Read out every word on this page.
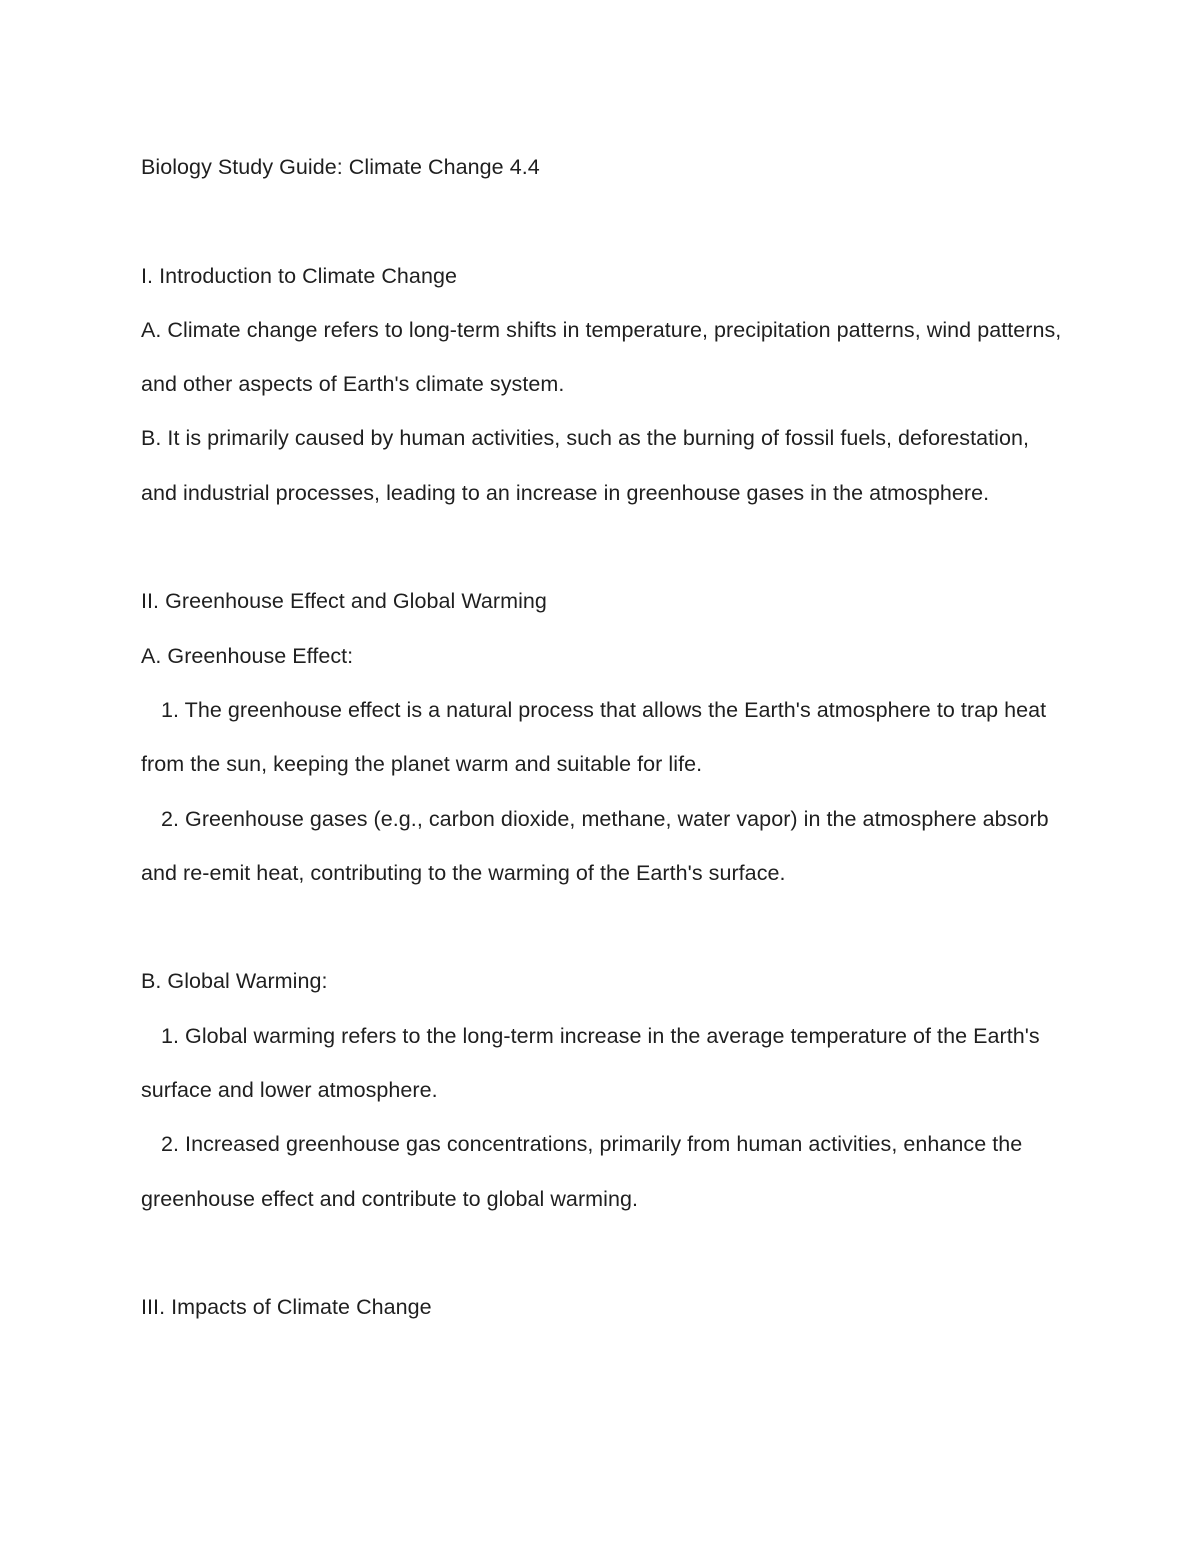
Biology Study Guide: Climate Change 4.4

I. Introduction to Climate Change

A. Climate change refers to long-term shifts in temperature, precipitation patterns, wind patterns, and other aspects of Earth's climate system.

B. It is primarily caused by human activities, such as the burning of fossil fuels, deforestation, and industrial processes, leading to an increase in greenhouse gases in the atmosphere.

II. Greenhouse Effect and Global Warming

A. Greenhouse Effect:

1. The greenhouse effect is a natural process that allows the Earth's atmosphere to trap heat from the sun, keeping the planet warm and suitable for life.

2. Greenhouse gases (e.g., carbon dioxide, methane, water vapor) in the atmosphere absorb and re-emit heat, contributing to the warming of the Earth's surface.

B. Global Warming:

1. Global warming refers to the long-term increase in the average temperature of the Earth's surface and lower atmosphere.

2. Increased greenhouse gas concentrations, primarily from human activities, enhance the greenhouse effect and contribute to global warming.

III. Impacts of Climate Change
